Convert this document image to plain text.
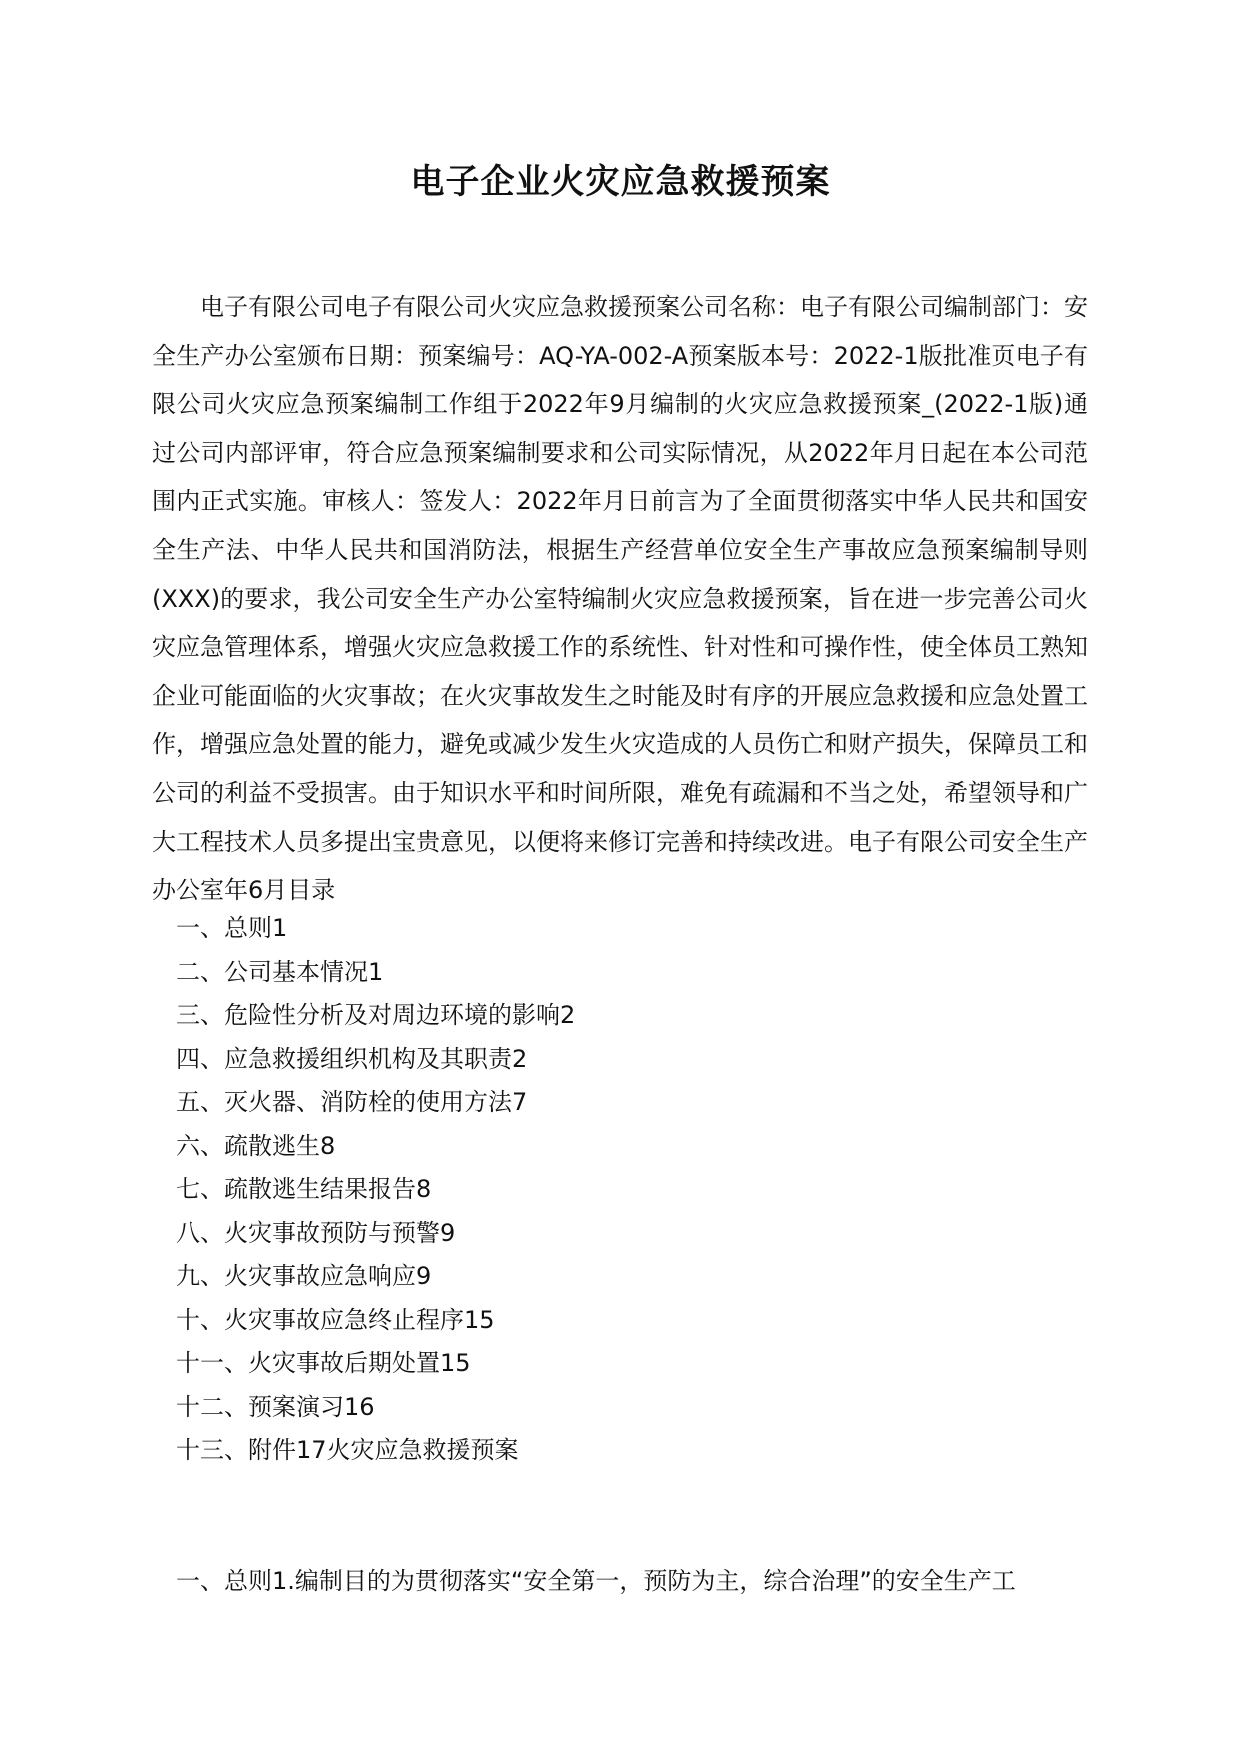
电子企业火灾应急救援预案

电子有限公司电子有限公司火灾应急救援预案公司名称：电子有限公司编制部门：安全生产办公室颁布日期：预案编号：AQ-YA-002-A预案版本号：2022-1版批准页电子有限公司火灾应急预案编制工作组于2022年9月编制的火灾应急救援预案_(2022-1版)通过公司内部评审，符合应急预案编制要求和公司实际情况，从2022年月日起在本公司范围内正式实施。审核人：签发人：2022年月日前言为了全面贯彻落实中华人民共和国安全生产法、中华人民共和国消防法，根据生产经营单位安全生产事故应急预案编制导则(XXX)的要求，我公司安全生产办公室特编制火灾应急救援预案，旨在进一步完善公司火灾应急管理体系，增强火灾应急救援工作的系统性、针对性和可操作性，使全体员工熟知企业可能面临的火灾事故；在火灾事故发生之时能及时有序的开展应急救援和应急处置工作，增强应急处置的能力，避免或减少发生火灾造成的人员伤亡和财产损失，保障员工和公司的利益不受损害。由于知识水平和时间所限，难免有疏漏和不当之处，希望领导和广大工程技术人员多提出宝贵意见，以便将来修订完善和持续改进。电子有限公司安全生产办公室年6月目录

一、总则1
二、公司基本情况1
三、危险性分析及对周边环境的影响2
四、应急救援组织机构及其职责2
五、灭火器、消防栓的使用方法7
六、疏散逃生8
七、疏散逃生结果报告8
八、火灾事故预防与预警9
九、火灾事故应急响应9
十、火灾事故应急终止程序15
十一、火灾事故后期处置15
十二、预案演习16
十三、附件17火灾应急救援预案

一、总则1.编制目的为贯彻落实“安全第一，预防为主，综合治理”的安全生产工
